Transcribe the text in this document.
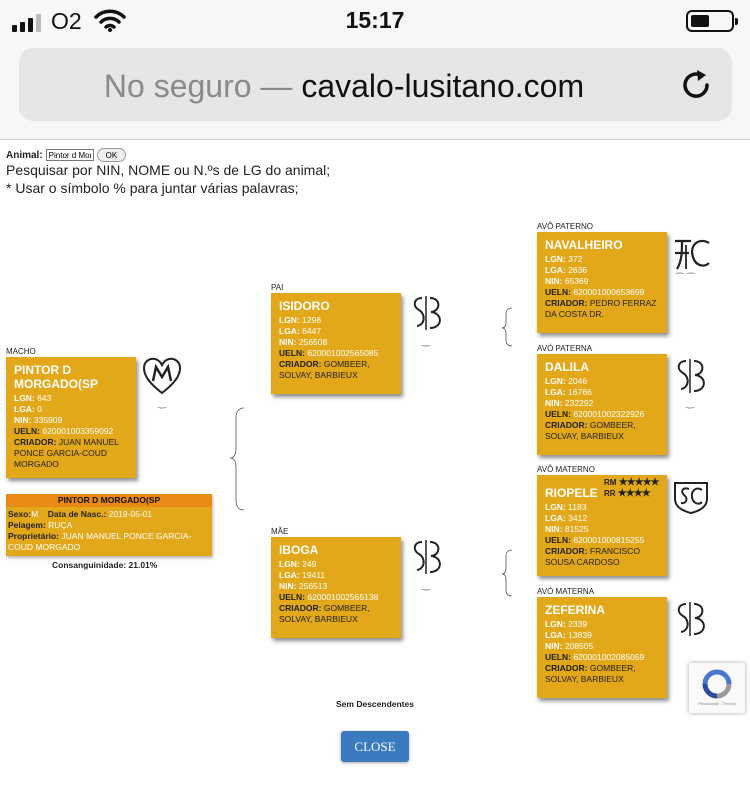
O2	15:17
No seguro — cavalo-lusitano.com
Animal:
Pintor d Mor	OK
Pesquisar por NIN, NOME ou N.ºs de LG do animal;
* Usar o símbolo % para juntar várias palavras;
MACHO
PINTOR D MORGADO(SP
LGN: 643
LGA: 0
NIN: 335909
UELN: 620001003359092
CRIADOR: JUAN MANUEL PONCE GARCIA-COUD MORGADO
‿
PINTOR D MORGADO(SP
Sexo:M Data de Nasc.: 2019-05-01
Pelagem: RUÇA
Proprietário: JUAN MANUEL PONCE GARCIA-COUD MORGADO
Consanguinidade: 21.01%
PAI
ISIDORO
LGN: 1298
LGA: 6447
NIN: 256508
UELN: 620001002565085
CRIADOR: GOMBEER, SOLVAY, BARBIEUX
‿
MÃE
IBOGA
LGN: 249
LGA: 19411
NIN: 256513
UELN: 620001002565138
CRIADOR: GOMBEER, SOLVAY, BARBIEUX
‿
AVÔ PATERNO
NAVALHEIRO
LGN: 372
LGA: 2636
NIN: 65369
UELN: 620001000653699
CRIADOR: PEDRO FERRAZ DA COSTA DR.
⁀ ⁀
AVÓ PATERNA
DALILA
LGN: 2046
LGA: 16766
NIN: 232292
UELN: 620001002322926
CRIADOR: GOMBEER, SOLVAY, BARBIEUX
‿
AVÔ MATERNO
RM ★★★★★
RR ★★★★
RIOPELE
LGN: 1183
LGA: 3412
NIN: 81525
UELN: 620001000815255
CRIADOR: FRANCISCO SOUSA CARDOSO
AVÓ MATERNA
ZEFERINA
LGN: 2339
LGA: 13839
NIN: 208505
UELN: 620001002085059
CRIADOR: GOMBEER, SOLVAY, BARBIEUX
Sem Descendentes
CLOSE
Privacidade - Termos
